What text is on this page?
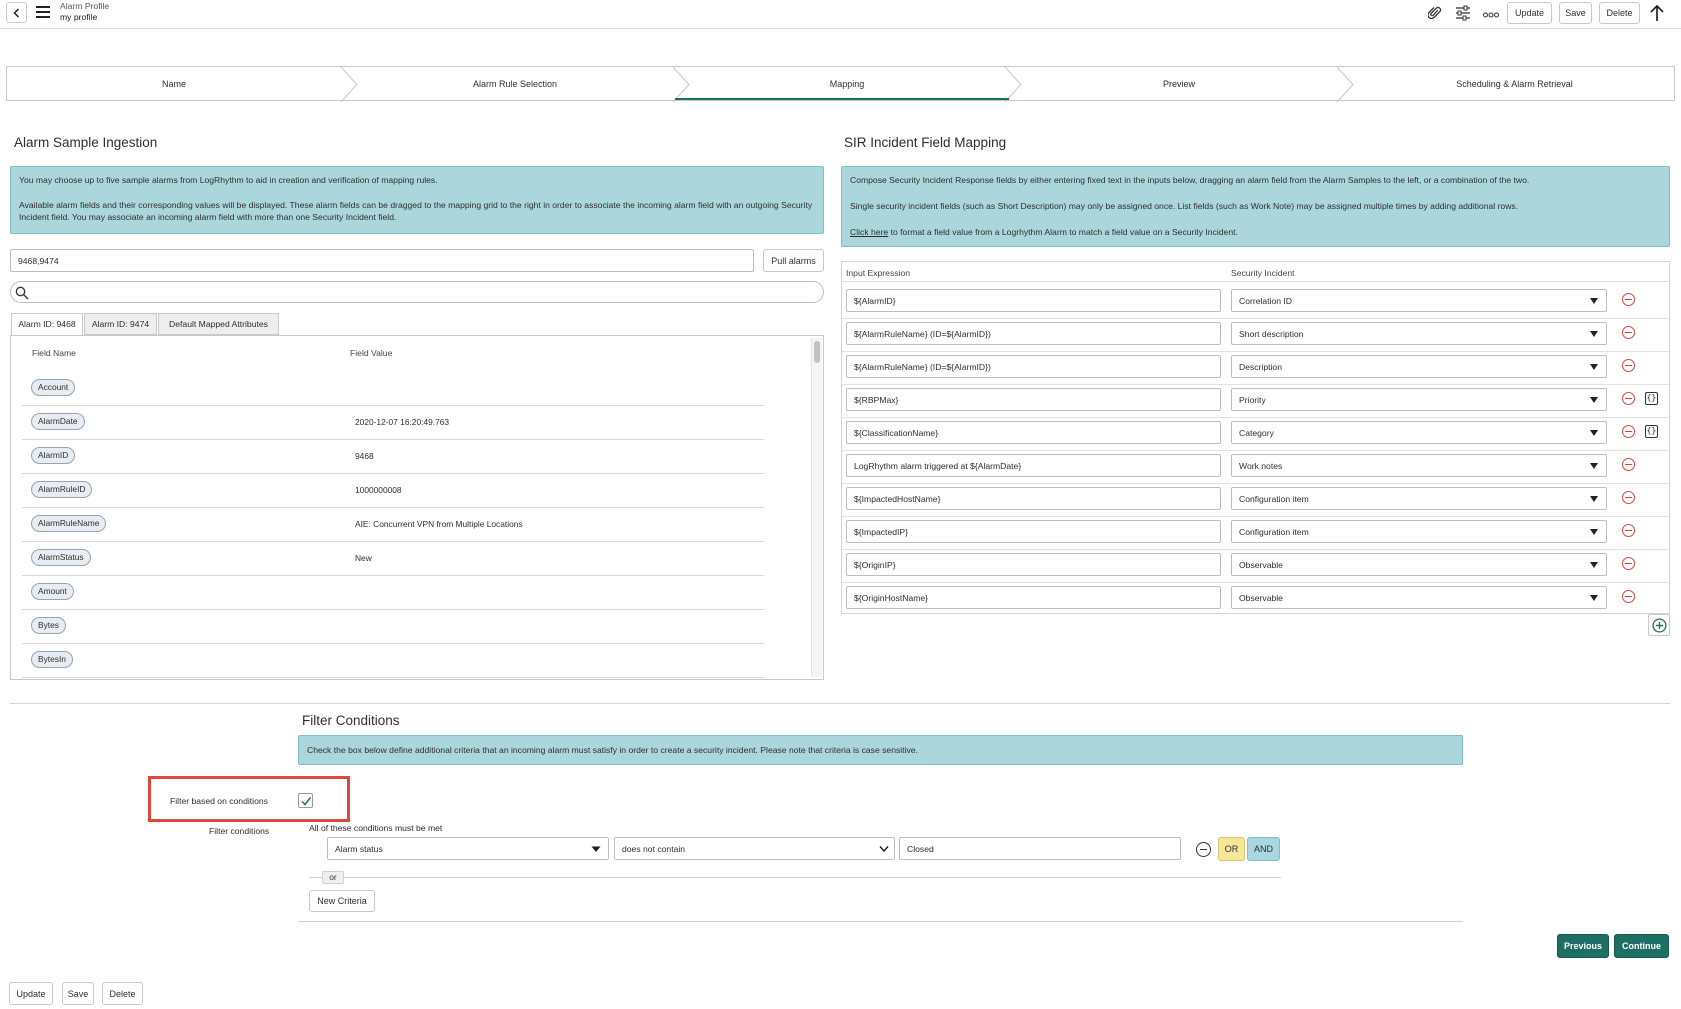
Alarm Profile
my profile	Update	Save	Delete
Name	Alarm Rule Selection	Mapping	Preview	Scheduling & Alarm Retrieval
Alarm Sample Ingestion
You may choose up to five sample alarms from LogRhythm to aid in creation and verification of mapping rules.
Available alarm fields and their corresponding values will be displayed. These alarm fields can be dragged to the mapping grid to the right in order to associate the incoming alarm field with an outgoing Security Incident field. You may associate an incoming alarm field with more than one Security Incident field.
9468,9474	Pull alarms
Alarm ID: 9468	Alarm ID: 9474	Default Mapped Attributes
Field Name	Field Value
Account
AlarmDate	2020-12-07 16:20:49.763
AlarmID	9468
AlarmRuleID	1000000008
AlarmRuleName	AIE: Concurrent VPN from Multiple Locations
AlarmStatus	New
Amount
Bytes
BytesIn
SIR Incident Field Mapping
Compose Security Incident Response fields by either entering fixed text in the inputs below, dragging an alarm field from the Alarm Samples to the left, or a combination of the two.
Single security incident fields (such as Short Description) may only be assigned once. List fields (such as Work Note) may be assigned multiple times by adding additional rows.
Click here to format a field value from a Logrhythm Alarm to match a field value on a Security Incident.
Input Expression	Security Incident
${AlarmID}	Correlation ID
${AlarmRuleName} (ID=${AlarmID})	Short description
${AlarmRuleName} (ID=${AlarmID})	Description
${RBPMax}	Priority	{}
${ClassificationName}	Category	{}
LogRhythm alarm triggered at ${AlarmDate}	Work notes
${ImpactedHostName}	Configuration item
${ImpactedIP}	Configuration item
${OriginIP}	Observable
${OriginHostName}	Observable
Filter Conditions
Check the box below define additional criteria that an incoming alarm must satisfy in order to create a security incident. Please note that criteria is case sensitive.
Filter based on conditions
Filter conditions	All of these conditions must be met
Alarm status	does not contain	Closed	OR	AND
or
New Criteria
Previous	Continue
Update	Save	Delete
